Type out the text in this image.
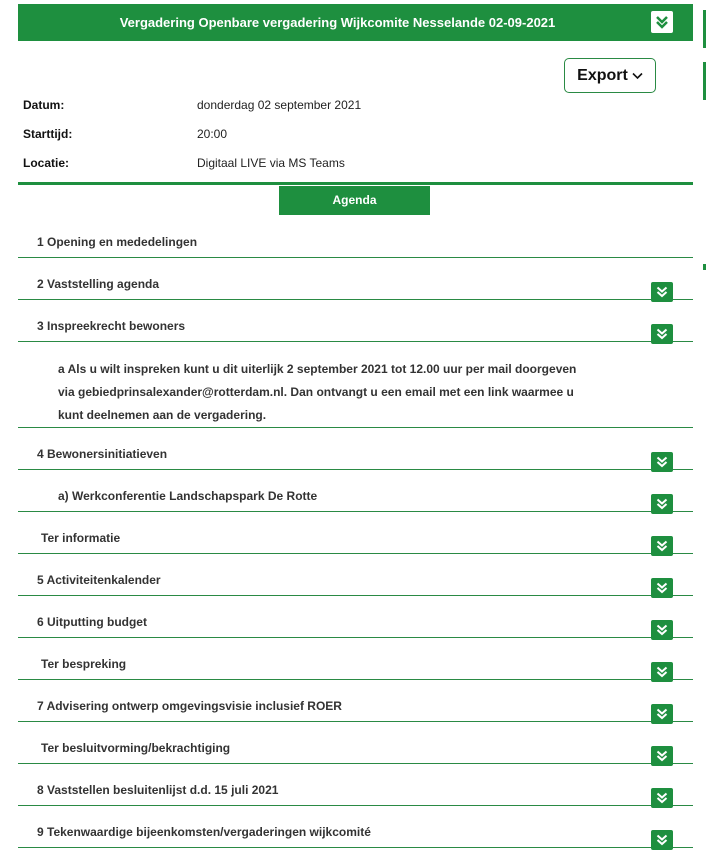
Vergadering Openbare vergadering Wijkcomite Nesselande 02-09-2021
Export
Datum:	donderdag 02 september 2021
Starttijd:	20:00
Locatie:	Digitaal LIVE via MS Teams
Agenda
1 Opening en mededelingen
2 Vaststelling agenda
3 Inspreekrecht bewoners
a Als u wilt inspreken kunt u dit uiterlijk 2 september 2021 tot 12.00 uur per mail doorgeven via gebiedprinsalexander@rotterdam.nl. Dan ontvangt u een email met een link waarmee u kunt deelnemen aan de vergadering.
4 Bewonersinitiatieven
a) Werkconferentie Landschapspark De Rotte
Ter informatie
5 Activiteitenkalender
6 Uitputting budget
Ter bespreking
7 Advisering ontwerp omgevingsvisie inclusief ROER
Ter besluitvorming/bekrachtiging
8 Vaststellen besluitenlijst d.d. 15 juli 2021
9 Tekenwaardige bijeenkomsten/vergaderingen wijkcomité
